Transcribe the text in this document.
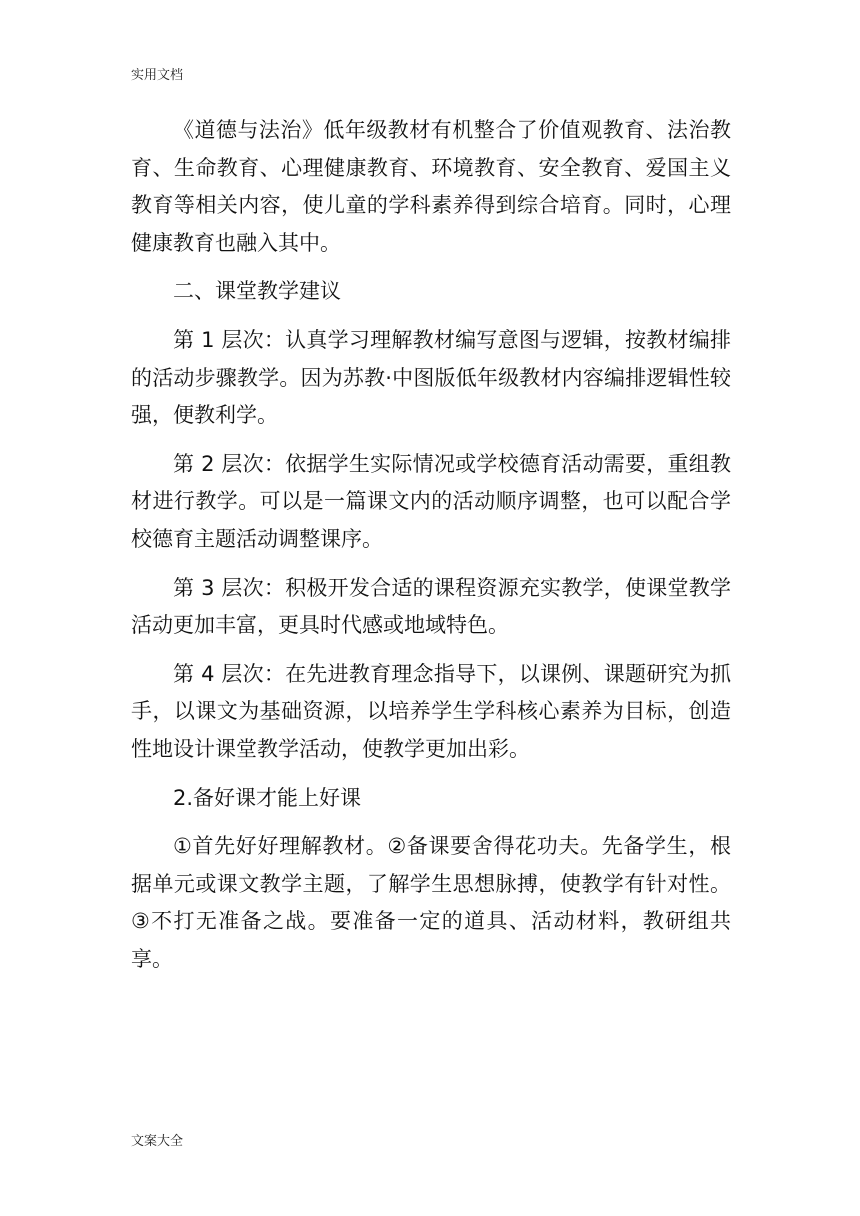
实用文档

《道德与法治》低年级教材有机整合了价值观教育、法治教育、生命教育、心理健康教育、环境教育、安全教育、爱国主义教育等相关内容，使儿童的学科素养得到综合培育。同时，心理健康教育也融入其中。

二、课堂教学建议

第 1 层次：认真学习理解教材编写意图与逻辑，按教材编排的活动步骤教学。因为苏教·中图版低年级教材内容编排逻辑性较强，便教利学。

第 2 层次：依据学生实际情况或学校德育活动需要，重组教材进行教学。可以是一篇课文内的活动顺序调整，也可以配合学校德育主题活动调整课序。

第 3 层次：积极开发合适的课程资源充实教学，使课堂教学活动更加丰富，更具时代感或地域特色。

第 4 层次：在先进教育理念指导下，以课例、课题研究为抓手，以课文为基础资源，以培养学生学科核心素养为目标，创造性地设计课堂教学活动，使教学更加出彩。

2.备好课才能上好课

①首先好好理解教材。②备课要舍得花功夫。先备学生，根据单元或课文教学主题，了解学生思想脉搏，使教学有针对性。③不打无准备之战。要准备一定的道具、活动材料，教研组共享。

文案大全
